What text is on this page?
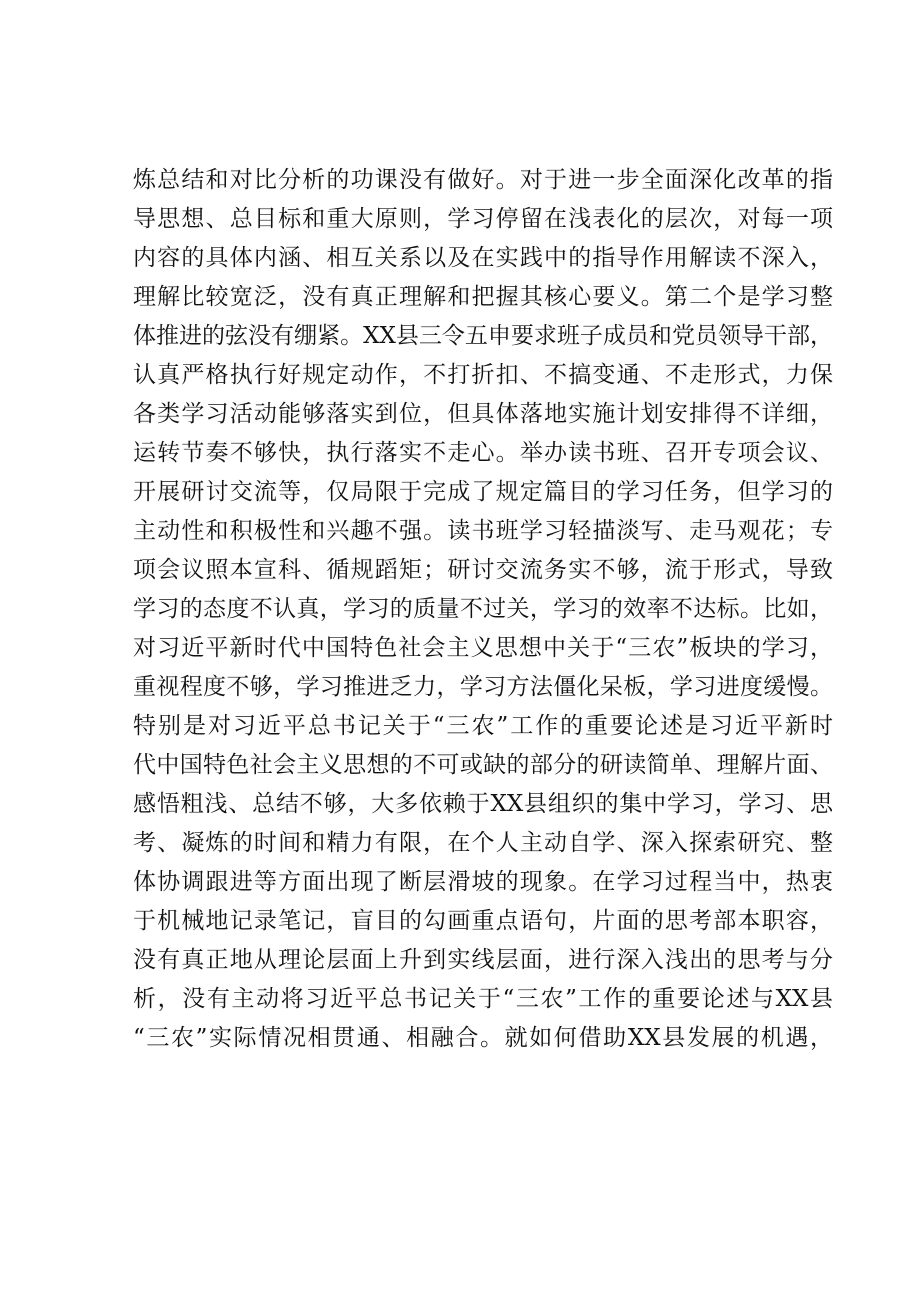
炼总结和对比分析的功课没有做好。对于进一步全面深化改革的指
导思想、总目标和重大原则，学习停留在浅表化的层次，对每一项
内容的具体内涵、相互关系以及在实践中的指导作用解读不深入，
理解比较宽泛，没有真正理解和把握其核心要义。第二个是学习整
体推进的弦没有绷紧。XX县三令五申要求班子成员和党员领导干部，
认真严格执行好规定动作，不打折扣、不搞变通、不走形式，力保
各类学习活动能够落实到位，但具体落地实施计划安排得不详细，
运转节奏不够快，执行落实不走心。举办读书班、召开专项会议、
开展研讨交流等，仅局限于完成了规定篇目的学习任务，但学习的
主动性和积极性和兴趣不强。读书班学习轻描淡写、走马观花；专
项会议照本宣科、循规蹈矩；研讨交流务实不够，流于形式，导致
学习的态度不认真，学习的质量不过关，学习的效率不达标。比如，
对习近平新时代中国特色社会主义思想中关于“三农”板块的学习，
重视程度不够，学习推进乏力，学习方法僵化呆板，学习进度缓慢。
特别是对习近平总书记关于“三农”工作的重要论述是习近平新时
代中国特色社会主义思想的不可或缺的部分的研读简单、理解片面、
感悟粗浅、总结不够，大多依赖于XX县组织的集中学习，学习、思
考、凝炼的时间和精力有限，在个人主动自学、深入探索研究、整
体协调跟进等方面出现了断层滑坡的现象。在学习过程当中，热衷
于机械地记录笔记，盲目的勾画重点语句，片面的思考部本职容，
没有真正地从理论层面上升到实线层面，进行深入浅出的思考与分
析，没有主动将习近平总书记关于“三农”工作的重要论述与XX县
“三农”实际情况相贯通、相融合。就如何借助XX县发展的机遇，
